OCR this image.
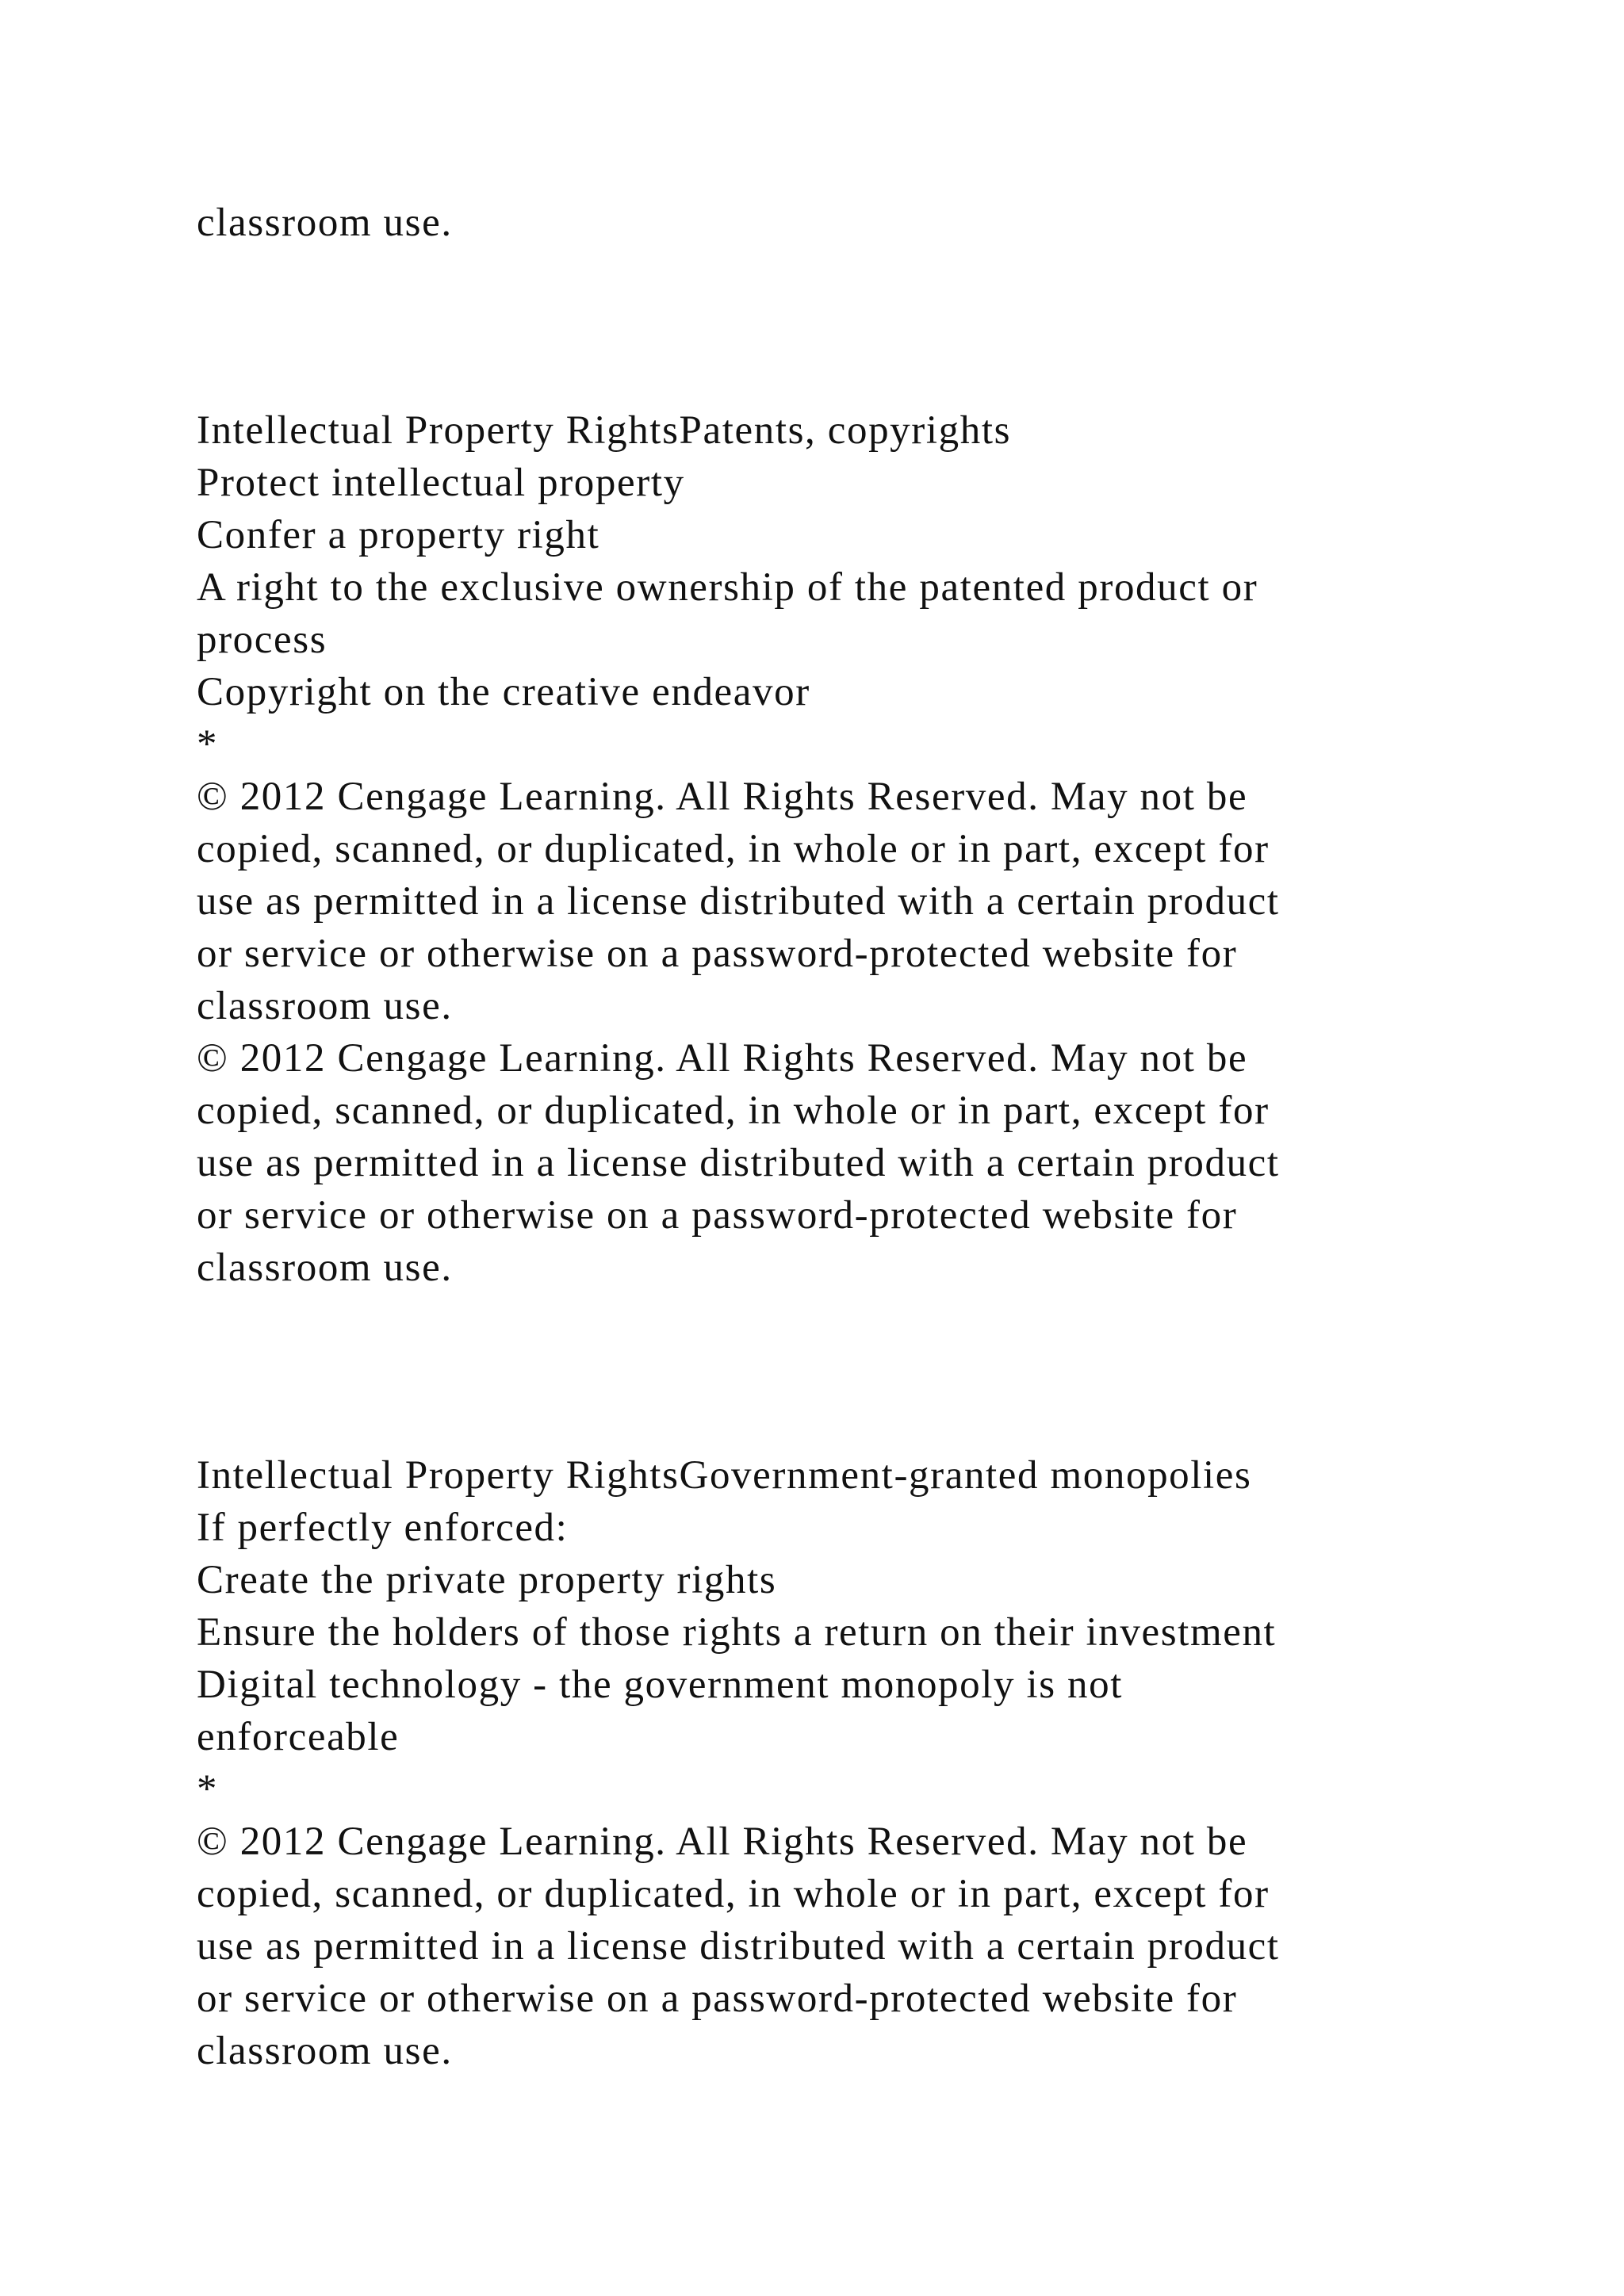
classroom use.

Intellectual Property RightsPatents, copyrights

Protect intellectual property

Confer a property right

A right to the exclusive ownership of the patented product or

process

Copyright on the creative endeavor

*

© 2012 Cengage Learning. All Rights Reserved. May not be

copied, scanned, or duplicated, in whole or in part, except for

use as permitted in a license distributed with a certain product

or service or otherwise on a password-protected website for

classroom use.

© 2012 Cengage Learning. All Rights Reserved. May not be

copied, scanned, or duplicated, in whole or in part, except for

use as permitted in a license distributed with a certain product

or service or otherwise on a password-protected website for

classroom use.

Intellectual Property RightsGovernment-granted monopolies

If perfectly enforced:

Create the private property rights

Ensure the holders of those rights a return on their investment

Digital technology - the government monopoly is not

enforceable

*

© 2012 Cengage Learning. All Rights Reserved. May not be

copied, scanned, or duplicated, in whole or in part, except for

use as permitted in a license distributed with a certain product

or service or otherwise on a password-protected website for

classroom use.
